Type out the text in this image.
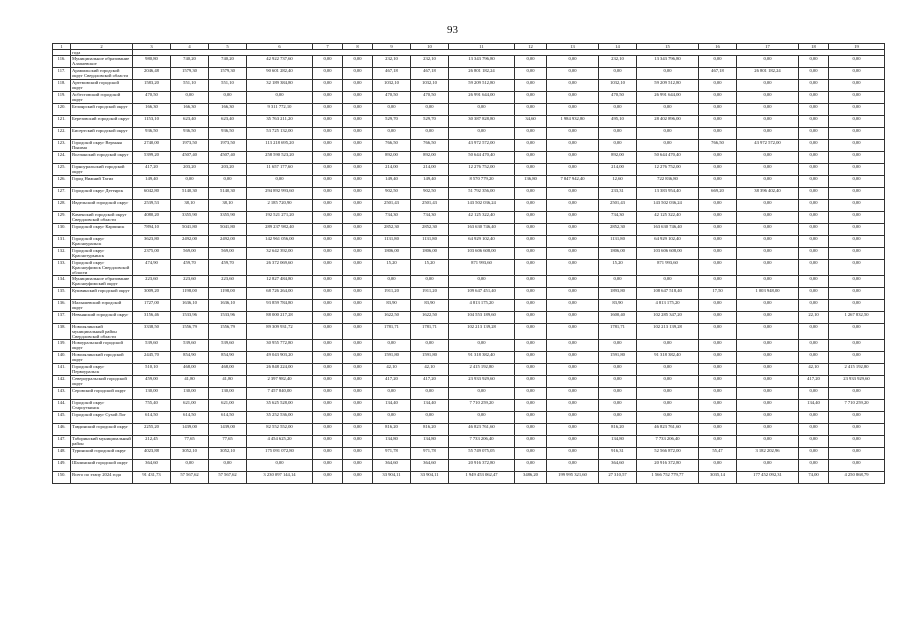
93
1	2	3	4	5	6	7	8	9	10	11	12	13	14	15	16	17	18	19
	года																	
116.	Муниципальное образование Алапаевское	980,80	740,20	740,20	42 922 737,60	0,00	0,00	232,10	232,10	13 343 796,80	0,00	0,00	232,10	13 343 796,80	0,00	0,00	0,00	0,00
117.	Арамильский городской округ Свердловской области	2046,48	1579,30	1579,30	90 601 282,40	0,00	0,00	467,18	467,18	26 801 182,24	0,00	0,00	0,00	0,00	467,18	26 801 182,24	0,00	0,00
118.	Артемовский городской округ	1583,20	551,10	551,10	32 189 384,80	0,00	0,00	1032,10	1032,10	59 209 512,80	0,00	0,00	1032,10	59 209 512,80	0,00	0,00	0,00	0,00
119.	Асбестовский городской округ	470,50	0,00	0,00	0,00	0,00	0,00	470,50	470,50	26 991 644,00	0,00	0,00	470,50	26 991 644,00	0,00	0,00	0,00	0,00
120.	Белоярский городской округ	166,30	166,30	166,30	9 311 772,10	0,00	0,00	0,00	0,00	0,00	0,00	0,00	0,00	0,00	0,00	0,00	0,00	0,00
121.	Березовский городской округ	1153,10	623,40	623,40	35 763 211,20	0,00	0,00	529,70	529,70	30 387 828,80	34,60	1 984 932,80	495,10	28 402 896,00	0,00	0,00	0,00	0,00
122.	Бисертский городской округ	936,50	936,50	936,50	53 725 132,00	0,00	0,00	0,00	0,00	0,00	0,00	0,00	0,00	0,00	0,00	0,00	0,00	0,00
123.	Городской округ Верхняя Пышма	2740,00	1973,50	1973,50	113 218 695,20	0,00	0,00	766,50	766,50	43 972 572,00	0,00	0,00	0,00	0,00	766,50	43 972 572,00	0,00	0,00
124.	Волчанский городской округ	5399,20	4507,40	4507,40	258 590 523,20	0,00	0,00	892,00	892,00	50 644 470,40	0,00	0,00	892,00	50 644 470,40	0,00	0,00	0,00	0,00
125.	Горноуральский городской округ	417,20	203,20	203,20	11 657 177,60	0,00	0,00	214,00	214,00	12 276 752,00	0,00	0,00	214,00	12 276 752,00	0,00	0,00	0,00	0,00
126.	Город Нижний Тагил	149,40	0,00	0,00	0,00	0,00	0,00	149,40	149,40	8 570 779,20	136,80	7 847 942,40	12,60	722 836,80	0,00	0,00	0,00	0,00
127.	Городской округ Дегтярск	6042,80	5140,30	5140,30	294 892 993,60	0,00	0,00	902,50	902,50	51 792 356,00	0,00	0,00	233,31	13 383 954,40	669,20	38 396 402,40	0,00	0,00
128.	Ивдельский городской округ	2539,53	38,10	38,10	2 185 720,90	0,00	0,00	2501,43	2501,43	143 502 036,24	0,00	0,00	2501,43	143 502 036,24	0,00	0,00	0,00	0,00
129.	Каменский городской округ Свердловской области	4080,20	3355,90	3355,90	192 521 271,20	0,00	0,00	734,30	734,30	42 125 322,40	0,00	0,00	734,30	42 125 322,40	0,00	0,00	0,00	0,00
130.	Городской округ Карпинск	7894,10	5041,80	5041,80	289 237 982,40	0,00	0,00	2852,30	2852,30	163 630 746,40	0,00	0,00	2852,30	163 630 746,40	0,00	0,00	0,00	0,00
131.	Городской округ Красноуральск	3623,80	2492,00	2492,00	142 961 056,00	0,00	0,00	1131,80	1131,80	64 929 102,40	0,00	0,00	1131,80	64 929 102,40	0,00	0,00	0,00	0,00
132.	Городской округ Краснотурьинск	2375,00	569,00	569,00	32 642 392,00	0,00	0,00	1806,00	1806,00	103 606 608,00	0,00	0,00	1806,00	103 606 608,00	0,00	0,00	0,00	0,00
133.	Городской округ Красноуфимск Свердловской области	474,90	459,70	459,70	26 372 069,60	0,00	0,00	15,20	15,20	871 993,60	0,00	0,00	15,20	871 993,60	0,00	0,00	0,00	0,00
134.	Муниципальное образование Красноуфимский округ	223,60	223,60	223,60	12 827 484,80	0,00	0,00	0,00	0,00	0,00	0,00	0,00	0,00	0,00	0,00	0,00	0,00	0,00
135.	Кушвинский городской округ	3009,20	1198,00	1198,00	68 726 264,00	0,00	0,00	1911,20	1911,20	109 647 451,40	0,00	0,00	1893,80	108 647 518,40	17,50	1 003 948,00	0,00	0,00
136.	Малышевский городской округ	1727,00	1636,10	1636,10	93 859 784,80	0,00	0,00	83,90	83,90	4 813 175,20	0,00	0,00	83,90	4 813 175,20	0,00	0,00	0,00	0,00
137.	Невьянский городской округ	3156,46	1533,96	1533,96	88 000 217,28	0,00	0,00	1622,50	1622,50	104 553 189,60	0,00	0,00	1600,40	102 285 347,20	0,00	0,00	22,10	1 267 832,50
138.	Новолялинский муниципальный район Свердловской области	3338,50	1556,79	1556,79	89 309 931,72	0,00	0,00	1781,71	1781,71	102 213 139,28	0,00	0,00	1781,71	102 213 139,28	0,00	0,00	0,00	0,00
139.	Новоуральский городской округ	539,60	539,60	539,60	30 955 772,80	0,00	0,00	0,00	0,00	0,00	0,00	0,00	0,00	0,00	0,00	0,00	0,00	0,00
140.	Новолялинский городской округ	2445,70	854,90	854,90	49 043 903,20	0,00	0,00	1591,80	1591,80	91 318 382,40	0,00	0,00	1591,80	91 318 382,40	0,00	0,00	0,00	0,00
141.	Городской округ Первоуральск	510,10	468,00	468,00	26 848 224,00	0,00	0,00	42,10	42,10	2 415 192,80	0,00	0,00	0,00	0,00	0,00	0,00	42,10	2 415 192,80
142.	Североуральский городской округ	459,00	41,80	41,80	2 397 982,40	0,00	0,00	417,20	417,20	23 933 929,60	0,00	0,00	0,00	0,00	0,00	0,00	417,20	23 933 929,60
143.	Серовский городской округ	130,00	130,00	130,00	7 457 840,00	0,00	0,00	0,00	0,00	0,00	0,00	0,00	0,00	0,00	0,00	0,00	0,00	0,00
144.	Городской округ Староуткинск	755,40	621,00	621,00	35 625 528,00	0,00	0,00	134,40	134,40	7 710 259,20	0,00	0,00	0,00	0,00	0,00	0,00	134,40	7 710 259,20
145.	Городской округ Сухой Лог	614,50	614,50	614,50	35 252 536,00	0,00	0,00	0,00	0,00	0,00	0,00	0,00	0,00	0,00	0,00	0,00	0,00	0,00
146.	Тавдинский городской округ	2255,20	1439,00	1439,00	82 552 552,00	0,00	0,00	816,20	816,20	46 823 761,60	0,00	0,00	816,20	46 823 761,60	0,00	0,00	0,00	0,00
147.	Таборинский муниципальный район	212,45	77,65	77,65	4 454 625,20	0,00	0,00	134,80	134,80	7 733 206,40	0,00	0,00	134,80	7 733 206,40	0,00	0,00	0,00	0,00
148.	Туринский городской округ	4023,88	3052,10	3052,10	175 091 072,80	0,00	0,00	971,78	971,78	55 749 075,05	0,00	0,00	916,31	52 566 872,00	55,47	3 182 202,96	0,00	0,00
149.	Шалинский городской округ	364,60	0,00	0,00	0,00	0,00	0,00	364,60	364,60	20 916 372,80	0,00	0,00	364,60	20 916 372,80	0,00	0,00	0,00	0,00
150.	Всего по этапу 2024 года	91 431,73	57 567,62	57 567,62	3 230 097 144,14	0,00	0,00	33 904,11	33 904,11	1 949 453 062,47	3486,20	199 995 321,60	27 310,57	1 566 752 779,77	3035,14	177 452 092,31	74,00	4 250 868,79
